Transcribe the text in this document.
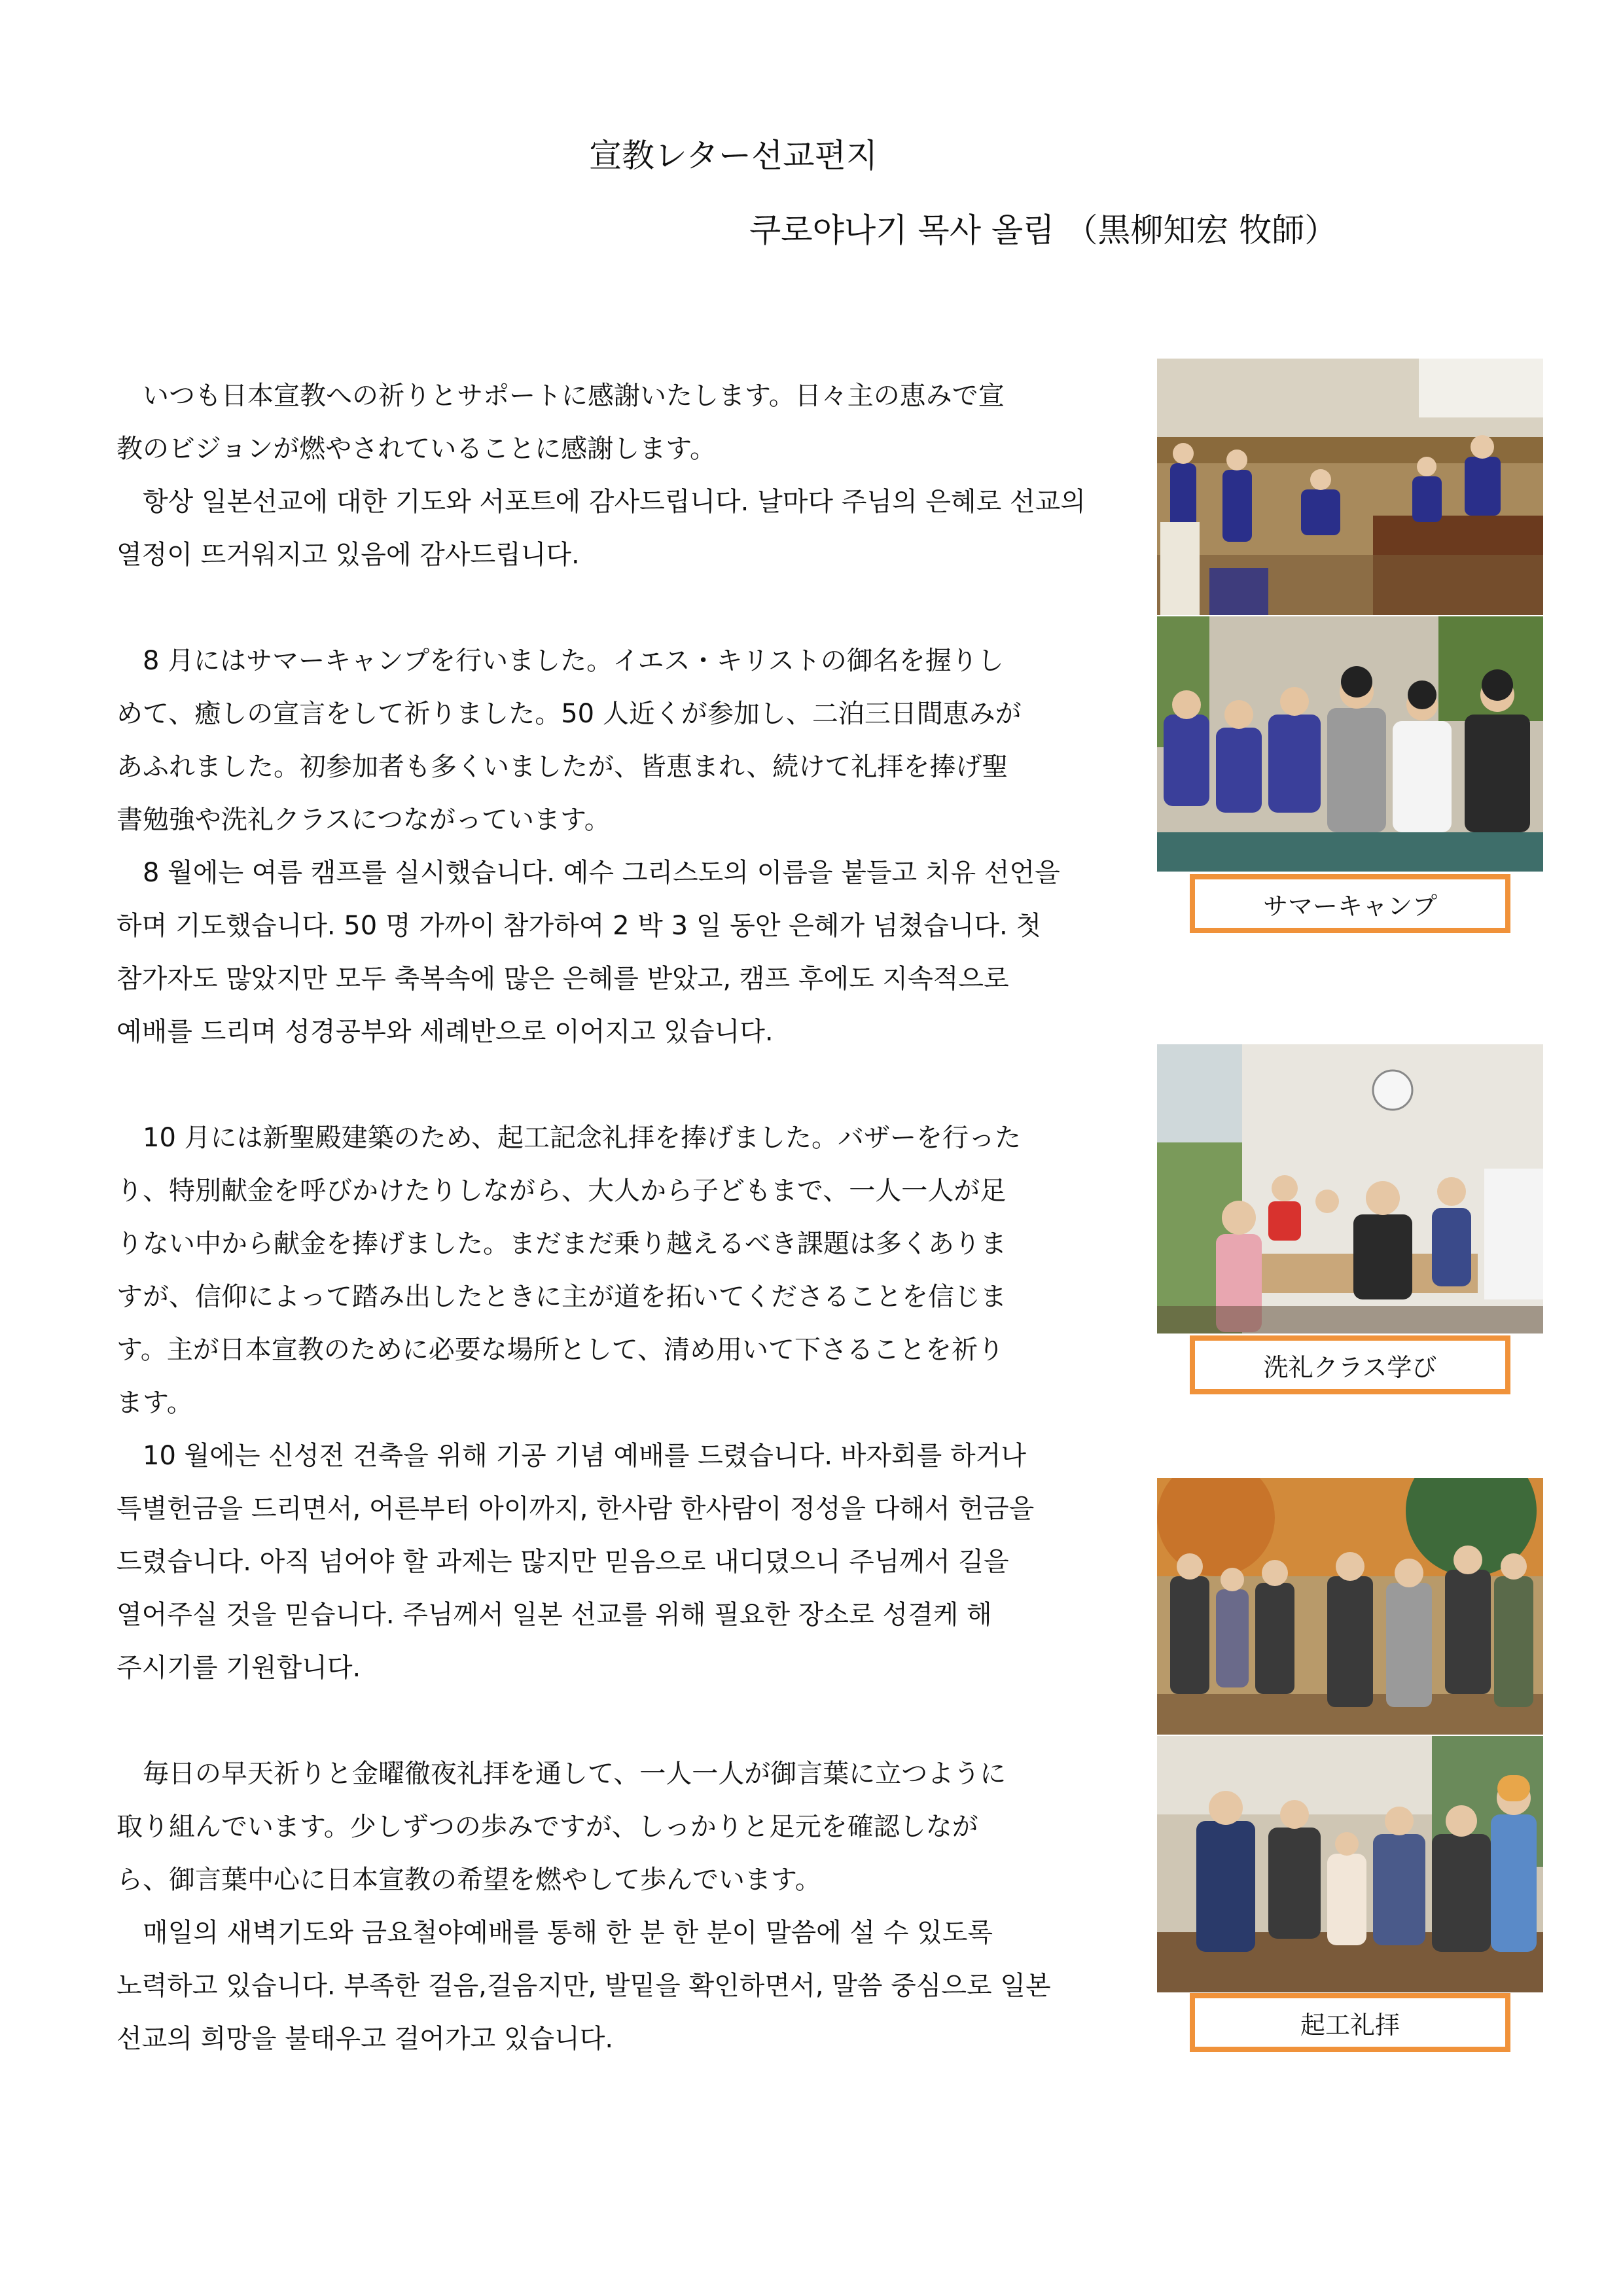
宣教レター선교편지
쿠로야나기 목사 올림 （黒柳知宏 牧師）

　いつも日本宣教への祈りとサポートに感謝いたします。日々主の恵みで宣
教のビジョンが燃やされていることに感謝します。

　항상 일본선교에 대한 기도와 서포트에 감사드립니다. 날마다 주님의 은혜로 선교의
열정이 뜨거워지고 있음에 감사드립니다.

　8 月にはサマーキャンプを行いました。イエス・キリストの御名を握りし
めて、癒しの宣言をして祈りました。50 人近くが参加し、二泊三日間恵みが
あふれました。初参加者も多くいましたが、皆恵まれ、続けて礼拝を捧げ聖
書勉強や洗礼クラスにつながっています。

　8 월에는 여름 캠프를 실시했습니다. 예수 그리스도의 이름을 붙들고 치유 선언을
하며 기도했습니다. 50 명 가까이 참가하여 2 박 3 일 동안 은혜가 넘쳤습니다. 첫
참가자도 많았지만 모두 축복속에 많은 은혜를 받았고, 캠프 후에도 지속적으로
예배를 드리며 성경공부와 세례반으로 이어지고 있습니다.

　10 月には新聖殿建築のため、起工記念礼拝を捧げました。バザーを行った
り、特別献金を呼びかけたりしながら、大人から子どもまで、一人一人が足
りない中から献金を捧げました。まだまだ乗り越えるべき課題は多くありま
すが、信仰によって踏み出したときに主が道を拓いてくださることを信じま
す。主が日本宣教のために必要な場所として、清め用いて下さることを祈り
ます。

　10 월에는 신성전 건축을 위해 기공 기념 예배를 드렸습니다. 바자회를 하거나
특별헌금을 드리면서, 어른부터 아이까지, 한사람 한사람이 정성을 다해서 헌금을
드렸습니다. 아직 넘어야 할 과제는 많지만 믿음으로 내디뎠으니 주님께서 길을
열어주실 것을 믿습니다. 주님께서 일본 선교를 위해 필요한 장소로 성결케 해
주시기를 기원합니다.

　毎日の早天祈りと金曜徹夜礼拝を通して、一人一人が御言葉に立つように
取り組んでいます。少しずつの歩みですが、しっかりと足元を確認しなが
ら、御言葉中心に日本宣教の希望を燃やして歩んでいます。

　매일의 새벽기도와 금요철야예배를 통해 한 분 한 분이 말씀에 설 수 있도록
노력하고 있습니다. 부족한 걸음,걸음지만, 발밑을 확인하면서, 말씀 중심으로 일본
선교의 희망을 불태우고 걸어가고 있습니다.

サマーキャンプ
洗礼クラス学び
起工礼拝
